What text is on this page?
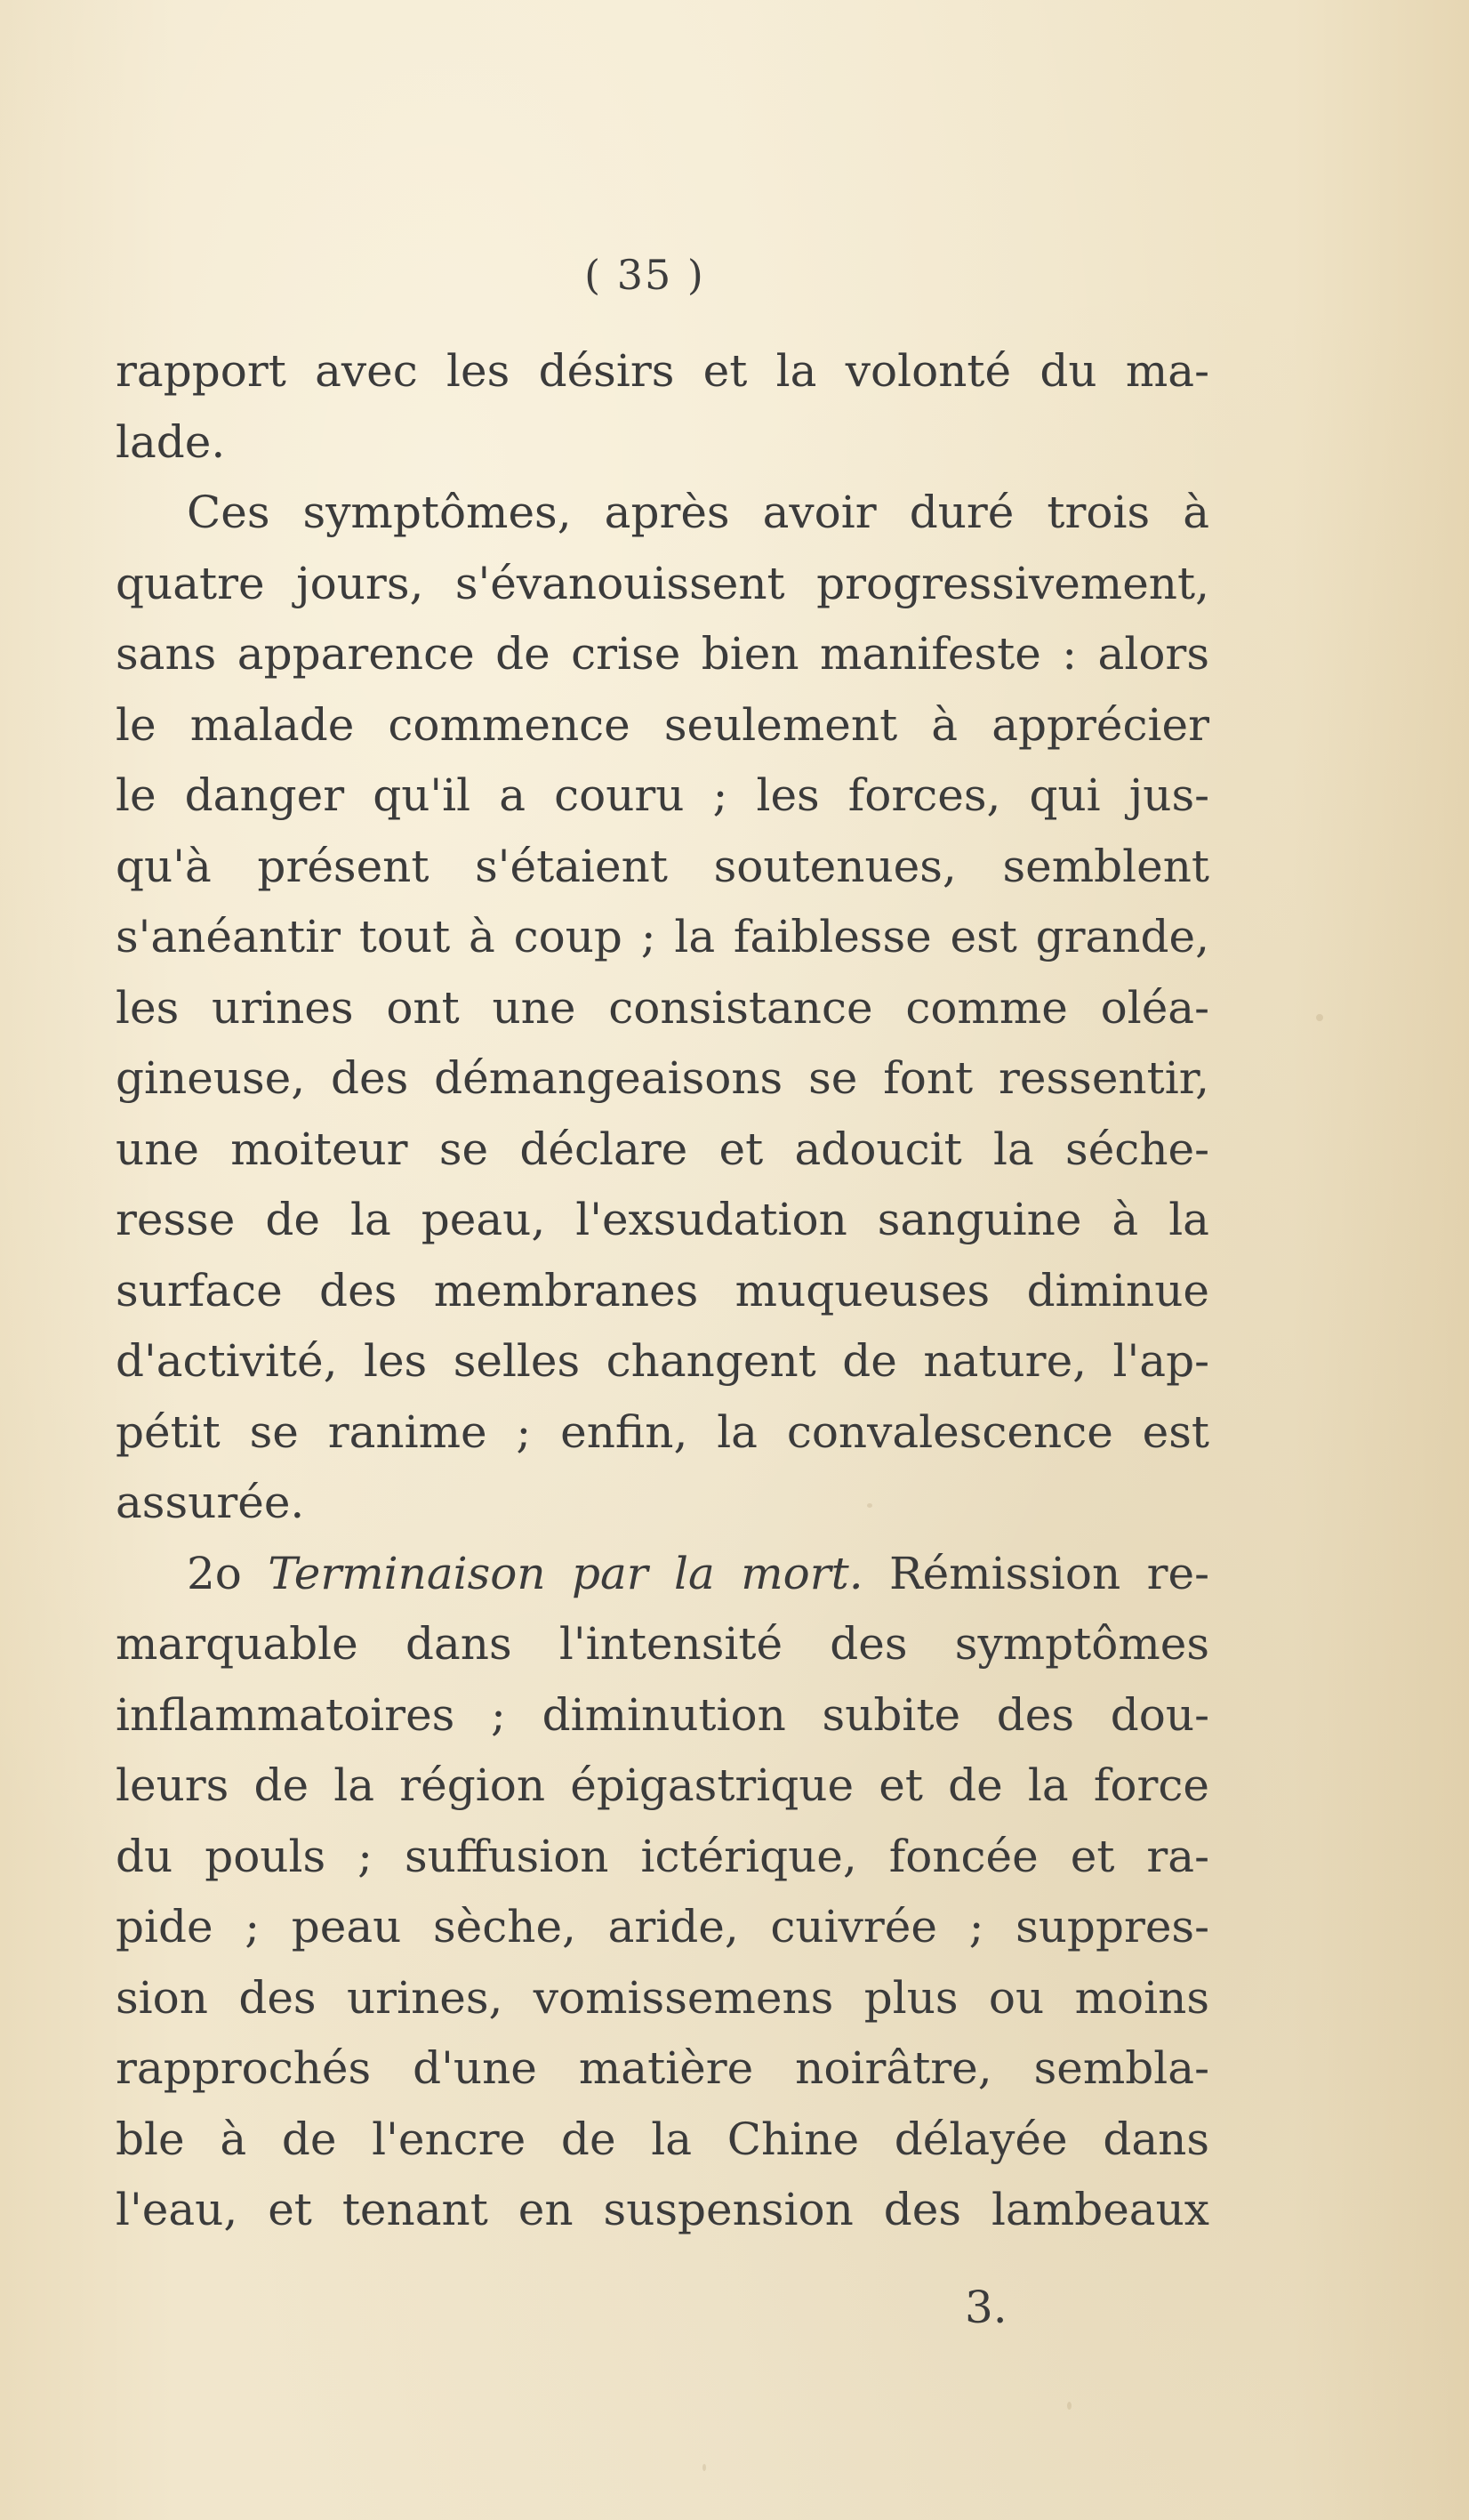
( 35 )
rapport avec les désirs et la volonté du ma-
lade.
Ces symptômes, après avoir duré trois à
quatre jours, s'évanouissent progressivement,
sans apparence de crise bien manifeste : alors
le malade commence seulement à apprécier
le danger qu'il a couru ; les forces, qui jus-
qu'à présent s'étaient soutenues, semblent
s'anéantir tout à coup ; la faiblesse est grande,
les urines ont une consistance comme oléa-
gineuse, des démangeaisons se font ressentir,
une moiteur se déclare et adoucit la séche-
resse de la peau, l'exsudation sanguine à la
surface des membranes muqueuses diminue
d'activité, les selles changent de nature, l'ap-
pétit se ranime ; enfin, la convalescence est
assurée.
2o Terminaison par la mort. Rémission re-
marquable dans l'intensité des symptômes
inflammatoires ; diminution subite des dou-
leurs de la région épigastrique et de la force
du pouls ; suffusion ictérique, foncée et ra-
pide ; peau sèche, aride, cuivrée ; suppres-
sion des urines, vomissemens plus ou moins
rapprochés d'une matière noirâtre, sembla-
ble à de l'encre de la Chine délayée dans
l'eau, et tenant en suspension des lambeaux
3.
